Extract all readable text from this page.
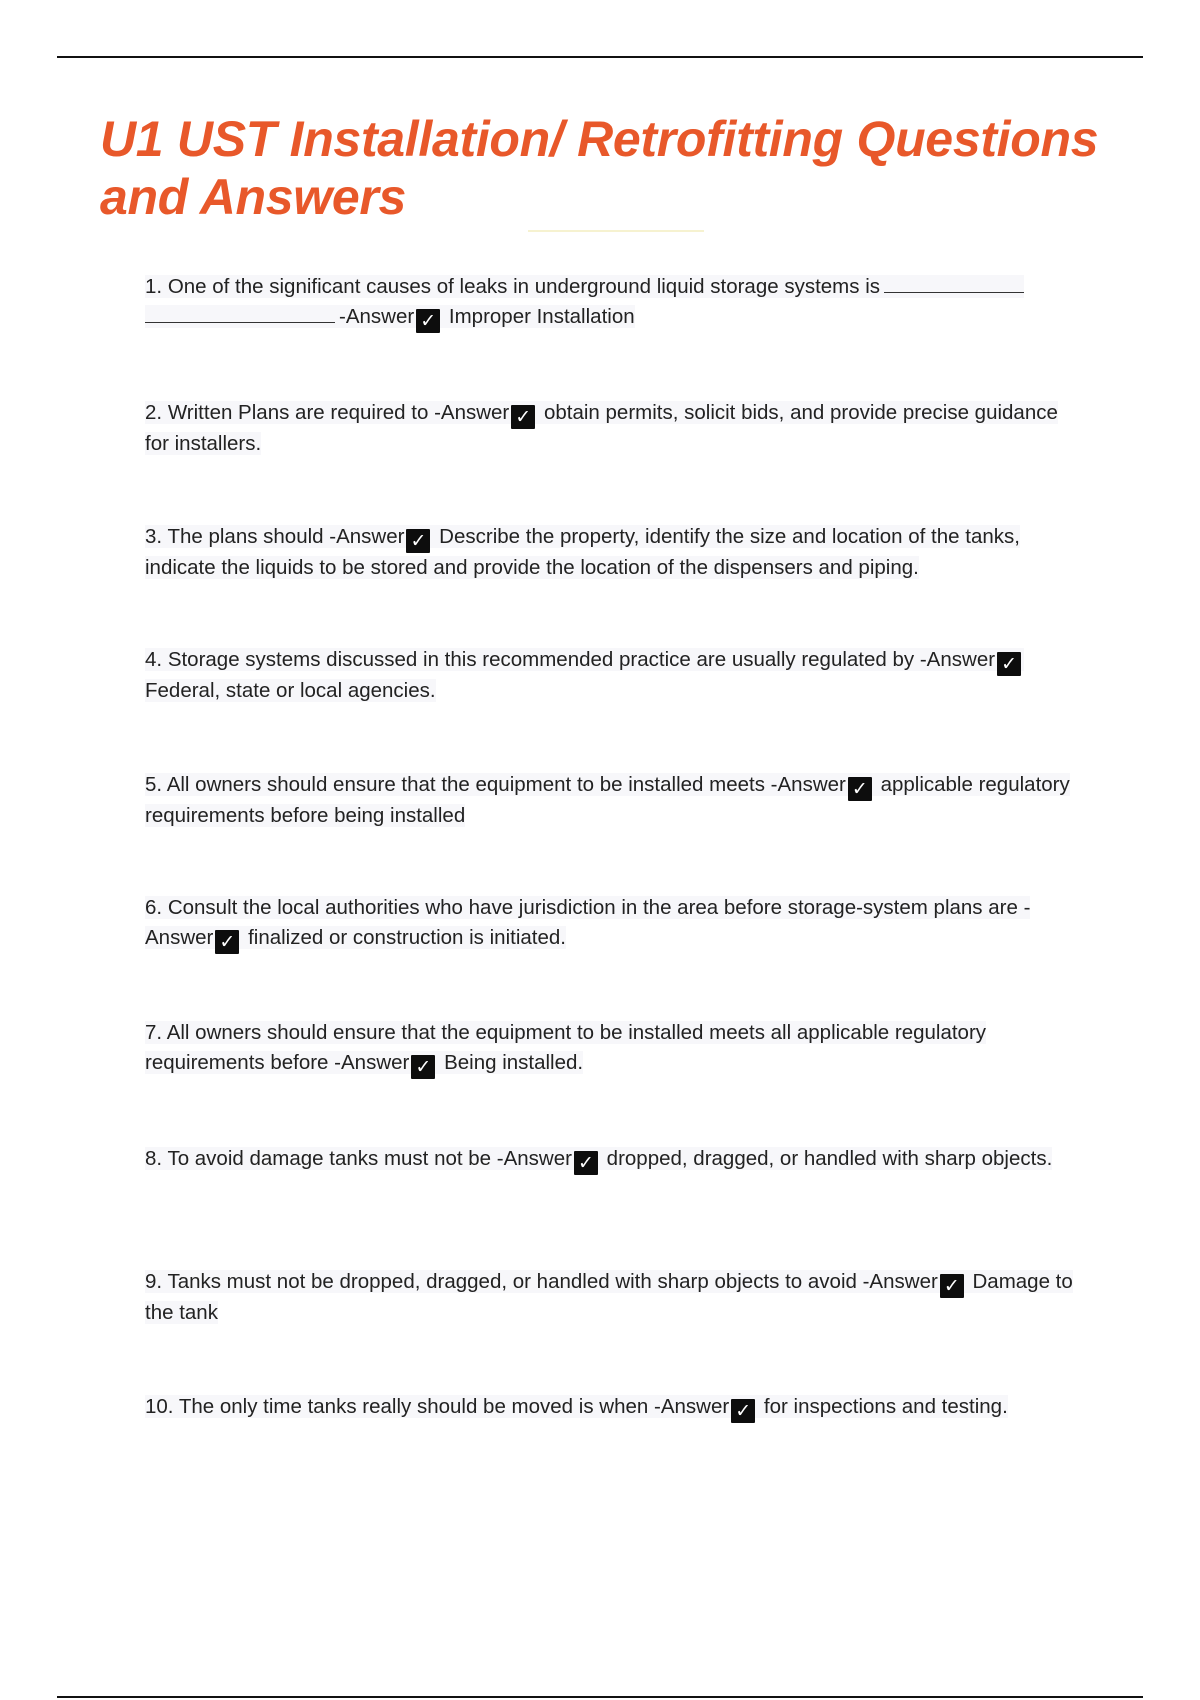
U1 UST Installation/ Retrofitting Questions and Answers
1. One of the significant causes of leaks in underground liquid storage systems is
-Answer ✓ Improper Installation
2. Written Plans are required to -Answer ✓ obtain permits, solicit bids, and provide precise guidance for installers.
3. The plans should -Answer ✓ Describe the property, identify the size and location of the tanks, indicate the liquids to be stored and provide the location of the dispensers and piping.
4. Storage systems discussed in this recommended practice are usually regulated by -Answer ✓ Federal, state or local agencies.
5. All owners should ensure that the equipment to be installed meets -Answer ✓ applicable regulatory requirements before being installed
6. Consult the local authorities who have jurisdiction in the area before storage-system plans are -Answer ✓ finalized or construction is initiated.
7. All owners should ensure that the equipment to be installed meets all applicable regulatory requirements before -Answer ✓ Being installed.
8. To avoid damage tanks must not be -Answer ✓ dropped, dragged, or handled with sharp objects.
9. Tanks must not be dropped, dragged, or handled with sharp objects to avoid -Answer ✓ Damage to the tank
10. The only time tanks really should be moved is when -Answer ✓ for inspections and testing.
